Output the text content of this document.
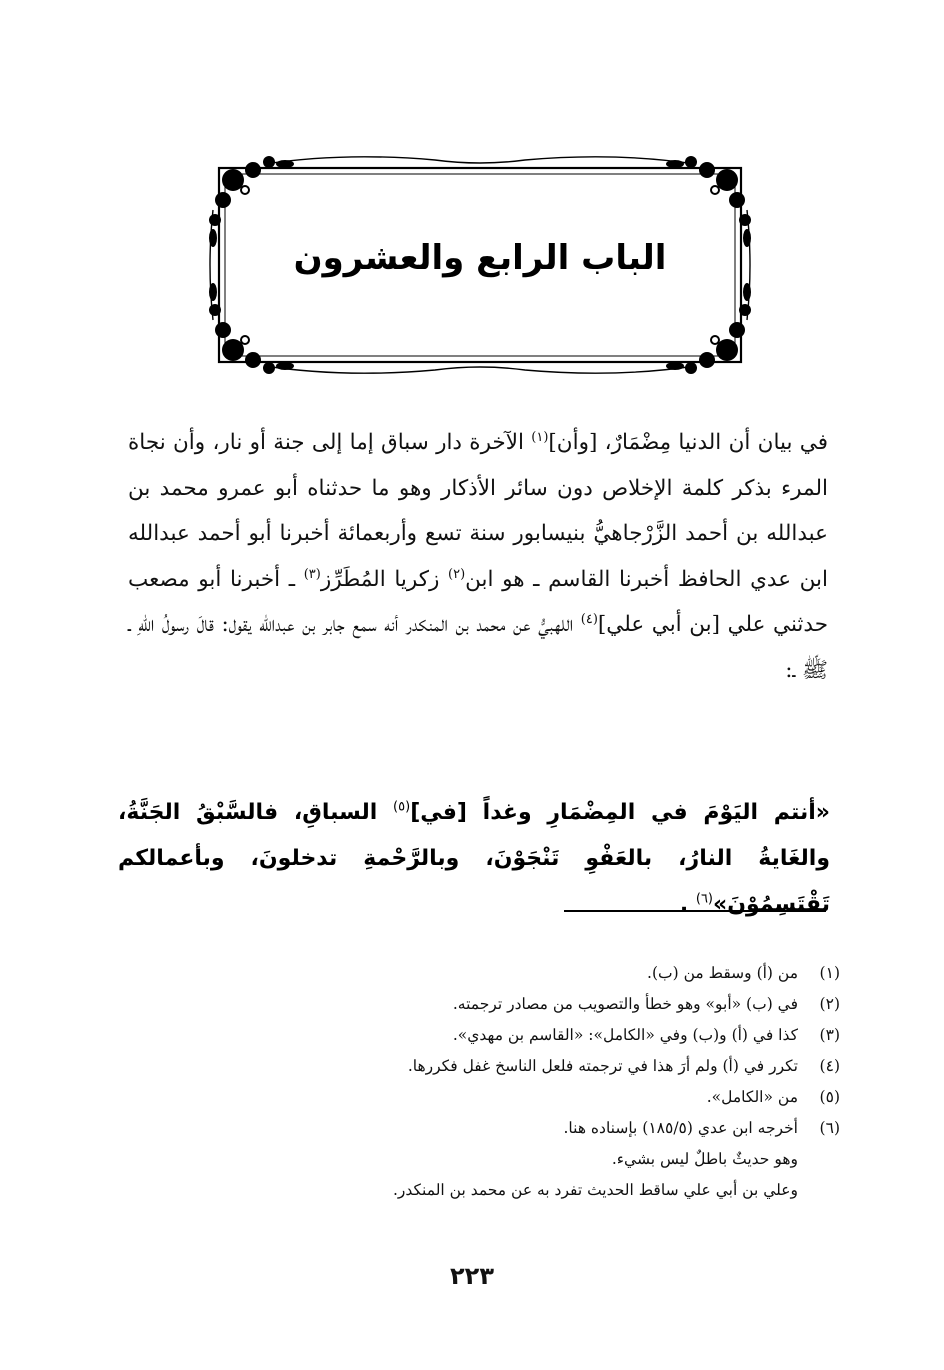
الباب الرابع والعشرون
في بيان أن الدنيا مِضْمَارٌ، [وأن]$^{(١)}$ الآخرة دار سباق إما إلى جنة أو نار، وأن نجاة المرء بذكر كلمة الإخلاص دون سائر الأذكار وهو ما حدثناه أبو عمرو محمد بن عبدالله بن أحمد الزَّرْجاهيُّ بنيسابور سنة تسع وأربعمائة أخبرنا أبو أحمد عبدالله ابن عدي الحافظ أخبرنا القاسم ـ هو ابن$^{(٢)}$ زكريا المُطَرِّز$^{(٣)}$ ـ أخبرنا أبو مصعب حدثني علي [بن أبي علي]$^{(٤)}$ اللهبيُّ عن محمد بن المنكدر أنه سمع جابر بن عبدالله يقول: قالَ رسولُ اللّهِ ـ ﷺ ـ:
«أنتم اليَوْمَ في المِضْمَارِ وغداً [في]$^{(٥)}$ السباقِ، فالسَّبْقُ الجَنَّةُ، والغَايةُ النارُ، بالعَفْوِ تَنْجَوْنَ، وبالرَّحْمةِ تدخلونَ، وبأعمالكم تَقْتَسِمُوْنَ»$^{(٦)}$ .
(١)
من (أ) وسقط من (ب).
(٢)
في (ب) «أبو» وهو خطأ والتصويب من مصادر ترجمته.
(٣)
كذا في (أ) و(ب) وفي «الكامل»: «القاسم بن مهدي».
(٤)
تكرر في (أ) ولم أرَ هذا في ترجمته فلعل الناسخ غفل فكررها.
(٥)
من «الكامل».
(٦)
أخرجه ابن عدي (١٨٥/٥) بإسناده هنا.
وهو حديثٌ باطلٌ ليس بشيء.
وعلي بن أبي علي ساقط الحديث تفرد به عن محمد بن المنكدر.
٢٢٣
